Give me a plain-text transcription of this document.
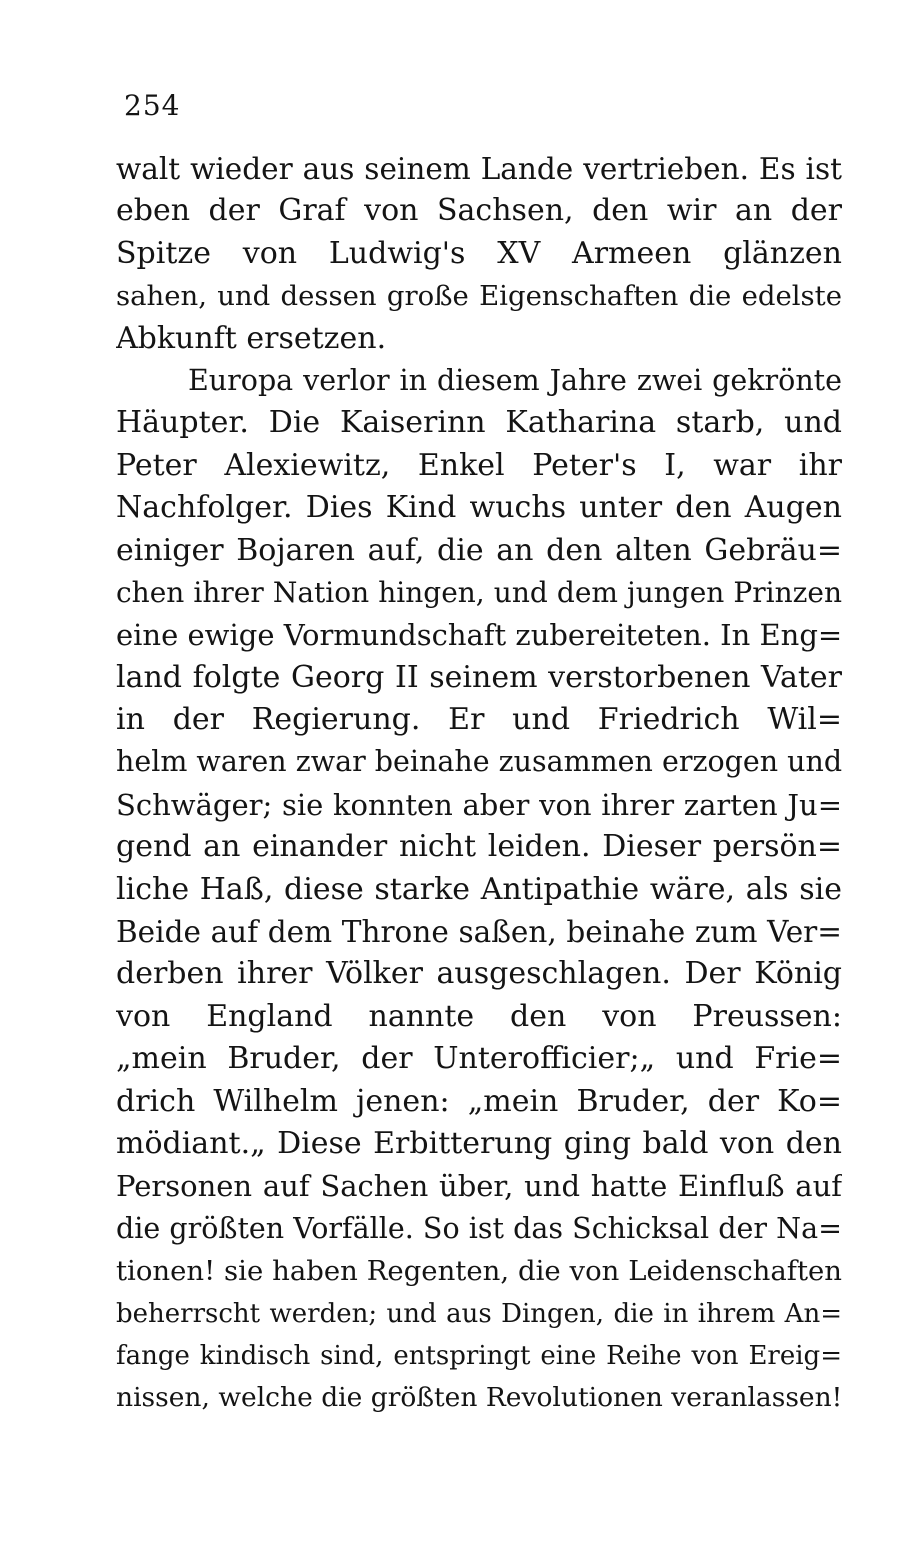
254
walt wieder aus seinem Lande vertrieben. Es ist
eben der Graf von Sachsen, den wir an der
Spitze von Ludwig's XV Armeen glänzen
sahen, und dessen große Eigenschaften die edelste
Abkunft ersetzen.
Europa verlor in diesem Jahre zwei gekrönte
Häupter. Die Kaiserinn Katharina starb, und
Peter Alexiewitz, Enkel Peter's I, war ihr
Nachfolger. Dies Kind wuchs unter den Augen
einiger Bojaren auf, die an den alten Gebräu=
chen ihrer Nation hingen, und dem jungen Prinzen
eine ewige Vormundschaft zubereiteten. In Eng=
land folgte Georg II seinem verstorbenen Vater
in der Regierung. Er und Friedrich Wil=
helm waren zwar beinahe zusammen erzogen und
Schwäger; sie konnten aber von ihrer zarten Ju=
gend an einander nicht leiden. Dieser persön=
liche Haß, diese starke Antipathie wäre, als sie
Beide auf dem Throne saßen, beinahe zum Ver=
derben ihrer Völker ausgeschlagen. Der König
von England nannte den von Preussen:
„mein Bruder, der Unterofficier;„ und Frie=
drich Wilhelm jenen: „mein Bruder, der Ko=
mödiant.„ Diese Erbitterung ging bald von den
Personen auf Sachen über, und hatte Einfluß auf
die größten Vorfälle. So ist das Schicksal der Na=
tionen! sie haben Regenten, die von Leidenschaften
beherrscht werden; und aus Dingen, die in ihrem An=
fange kindisch sind, entspringt eine Reihe von Ereig=
nissen, welche die größten Revolutionen veranlassen!
